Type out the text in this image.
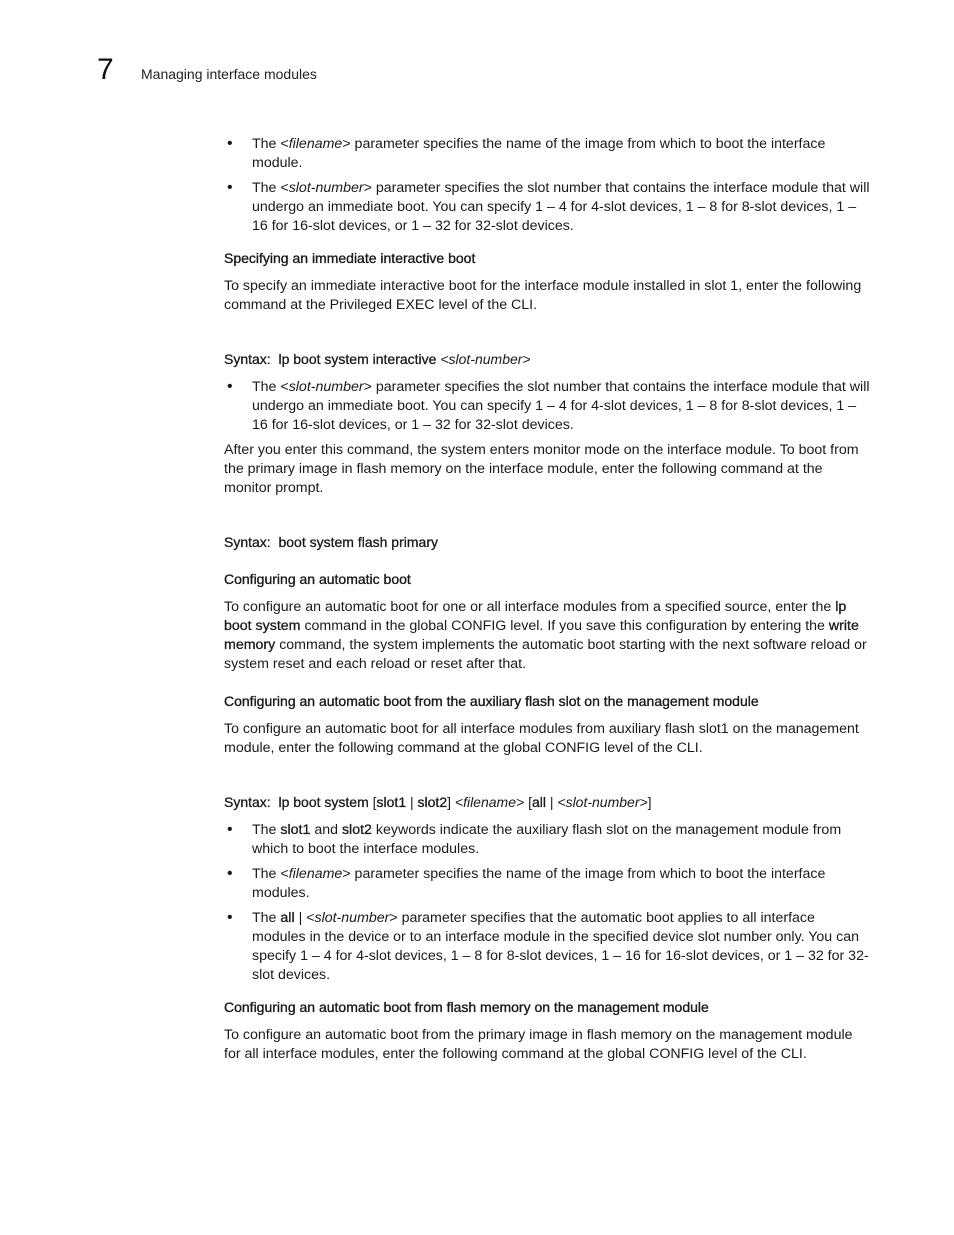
7 Managing interface modules
• The <filename> parameter specifies the name of the image from which to boot the interface module.
• The <slot-number> parameter specifies the slot number that contains the interface module that will undergo an immediate boot. You can specify 1 – 4 for 4-slot devices, 1 – 8 for 8-slot devices, 1 – 16 for 16-slot devices, or 1 – 32 for 32-slot devices.
Specifying an immediate interactive boot

To specify an immediate interactive boot for the interface module installed in slot 1, enter the following command at the Privileged EXEC level of the CLI.

Syntax: lp boot system interactive <slot-number>

• The <slot-number> parameter specifies the slot number that contains the interface module that will undergo an immediate boot. You can specify 1 – 4 for 4-slot devices, 1 – 8 for 8-slot devices, 1 – 16 for 16-slot devices, or 1 – 32 for 32-slot devices.

After you enter this command, the system enters monitor mode on the interface module. To boot from the primary image in flash memory on the interface module, enter the following command at the monitor prompt.

Syntax: boot system flash primary

Configuring an automatic boot

To configure an automatic boot for one or all interface modules from a specified source, enter the lp boot system command in the global CONFIG level. If you save this configuration by entering the write memory command, the system implements the automatic boot starting with the next software reload or system reset and each reload or reset after that.

Configuring an automatic boot from the auxiliary flash slot on the management module

To configure an automatic boot for all interface modules from auxiliary flash slot1 on the management module, enter the following command at the global CONFIG level of the CLI.

Syntax: lp boot system [slot1 | slot2] <filename> [all | <slot-number>]

• The slot1 and slot2 keywords indicate the auxiliary flash slot on the management module from which to boot the interface modules.
• The <filename> parameter specifies the name of the image from which to boot the interface modules.
• The all | <slot-number> parameter specifies that the automatic boot applies to all interface modules in the device or to an interface module in the specified device slot number only. You can specify 1 – 4 for 4-slot devices, 1 – 8 for 8-slot devices, 1 – 16 for 16-slot devices, or 1 – 32 for 32-slot devices.
Configuring an automatic boot from flash memory on the management module

To configure an automatic boot from the primary image in flash memory on the management module for all interface modules, enter the following command at the global CONFIG level of the CLI.
